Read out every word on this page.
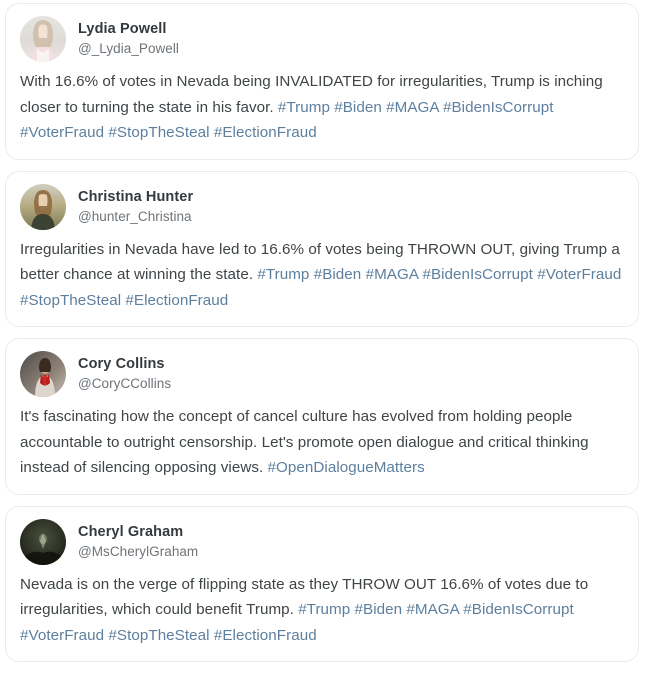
Lydia Powell
@_Lydia_Powell
With 16.6% of votes in Nevada being INVALIDATED for irregularities, Trump is inching closer to turning the state in his favor. #Trump #Biden #MAGA #BidenIsCorrupt #VoterFraud #StopTheSteal #ElectionFraud
Christina Hunter
@hunter_Christina
Irregularities in Nevada have led to 16.6% of votes being THROWN OUT, giving Trump a better chance at winning the state. #Trump #Biden #MAGA #BidenIsCorrupt #VoterFraud #StopTheSteal #ElectionFraud
Cory Collins
@CoryCCollins
It's fascinating how the concept of cancel culture has evolved from holding people accountable to outright censorship. Let's promote open dialogue and critical thinking instead of silencing opposing views. #OpenDialogueMatters
Cheryl Graham
@MsCherylGraham
Nevada is on the verge of flipping state as they THROW OUT 16.6% of votes due to irregularities, which could benefit Trump. #Trump #Biden #MAGA #BidenIsCorrupt #VoterFraud #StopTheSteal #ElectionFraud
